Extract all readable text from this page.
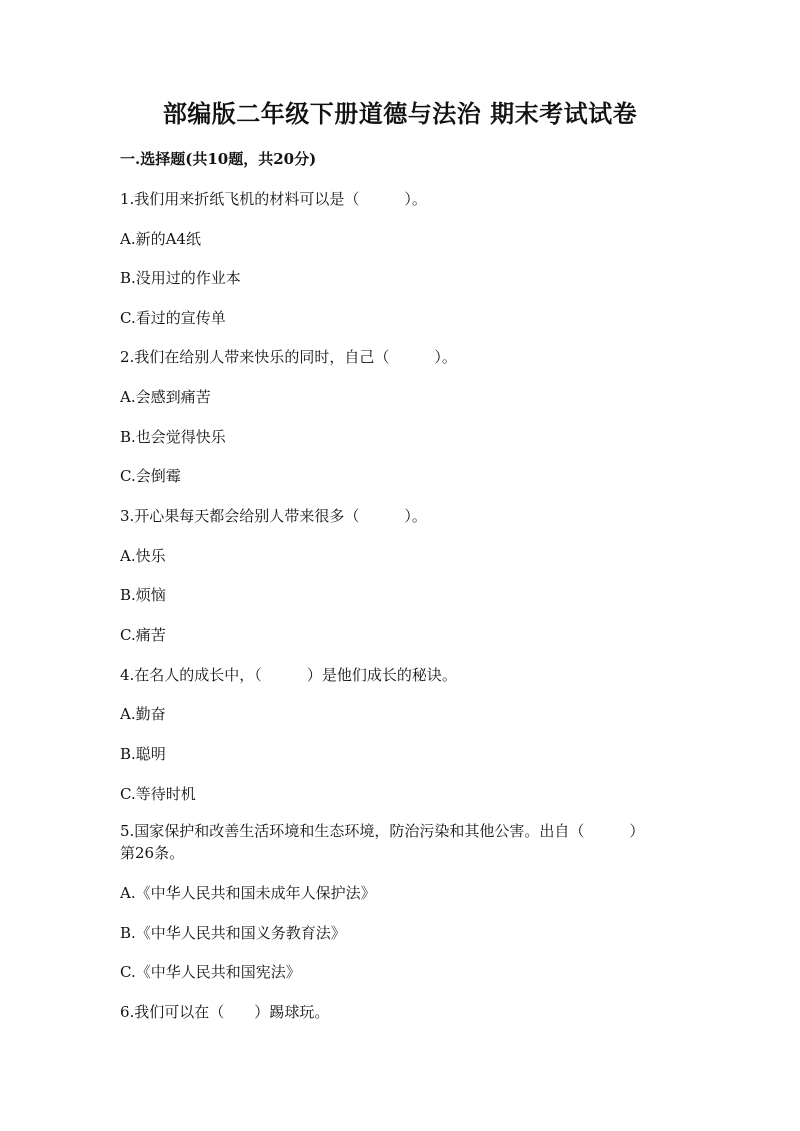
部编版二年级下册道德与法治 期末考试试卷
一.选择题(共10题，共20分)
1.我们用来折纸飞机的材料可以是（　　　）。
A.新的A4纸
B.没用过的作业本
C.看过的宣传单
2.我们在给别人带来快乐的同时，自己（　　　）。
A.会感到痛苦
B.也会觉得快乐
C.会倒霉
3.开心果每天都会给别人带来很多（　　　）。
A.快乐
B.烦恼
C.痛苦
4.在名人的成长中，（　　　）是他们成长的秘诀。
A.勤奋
B.聪明
C.等待时机
5.国家保护和改善生活环境和生态环境，防治污染和其他公害。出自（　　　）第26条。
A.《中华人民共和国未成年人保护法》
B.《中华人民共和国义务教育法》
C.《中华人民共和国宪法》
6.我们可以在（　　）踢球玩。
